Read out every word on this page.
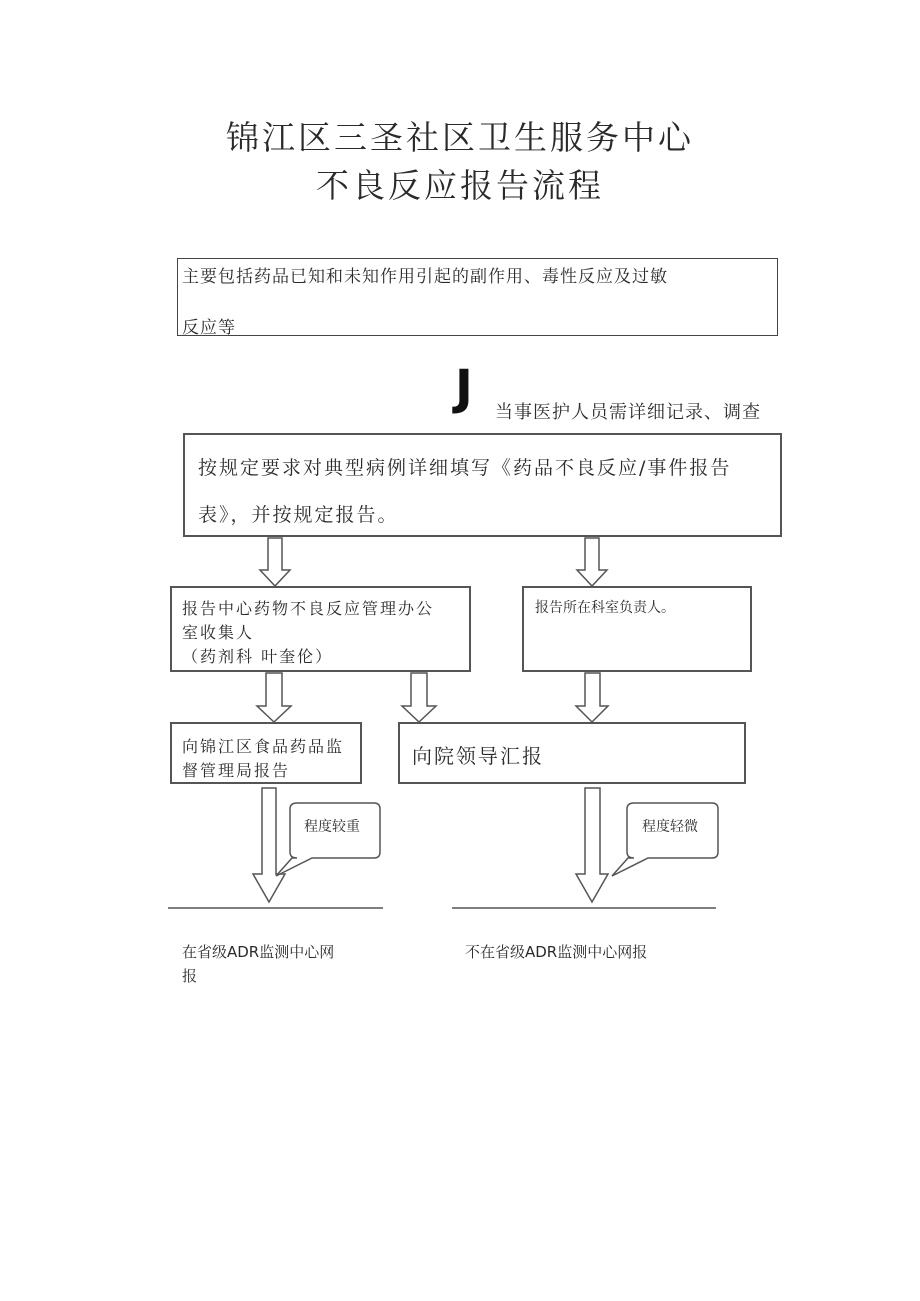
锦江区三圣社区卫生服务中心
不良反应报告流程
主要包括药品已知和未知作用引起的副作用、毒性反应及过敏
反应等
J 当事医护人员需详细记录、调查
按规定要求对典型病例详细填写《药品不良反应/事件报告
表》，并按规定报告。
报告中心药物不良反应管理办公
室收集人
（药剂科 叶奎伦）
报告所在科室负责人。
向锦江区食品药品监
督管理局报告
向院领导汇报
程度较重	程度轻微
在省级ADR监测中心网
报
不在省级ADR监测中心网报
